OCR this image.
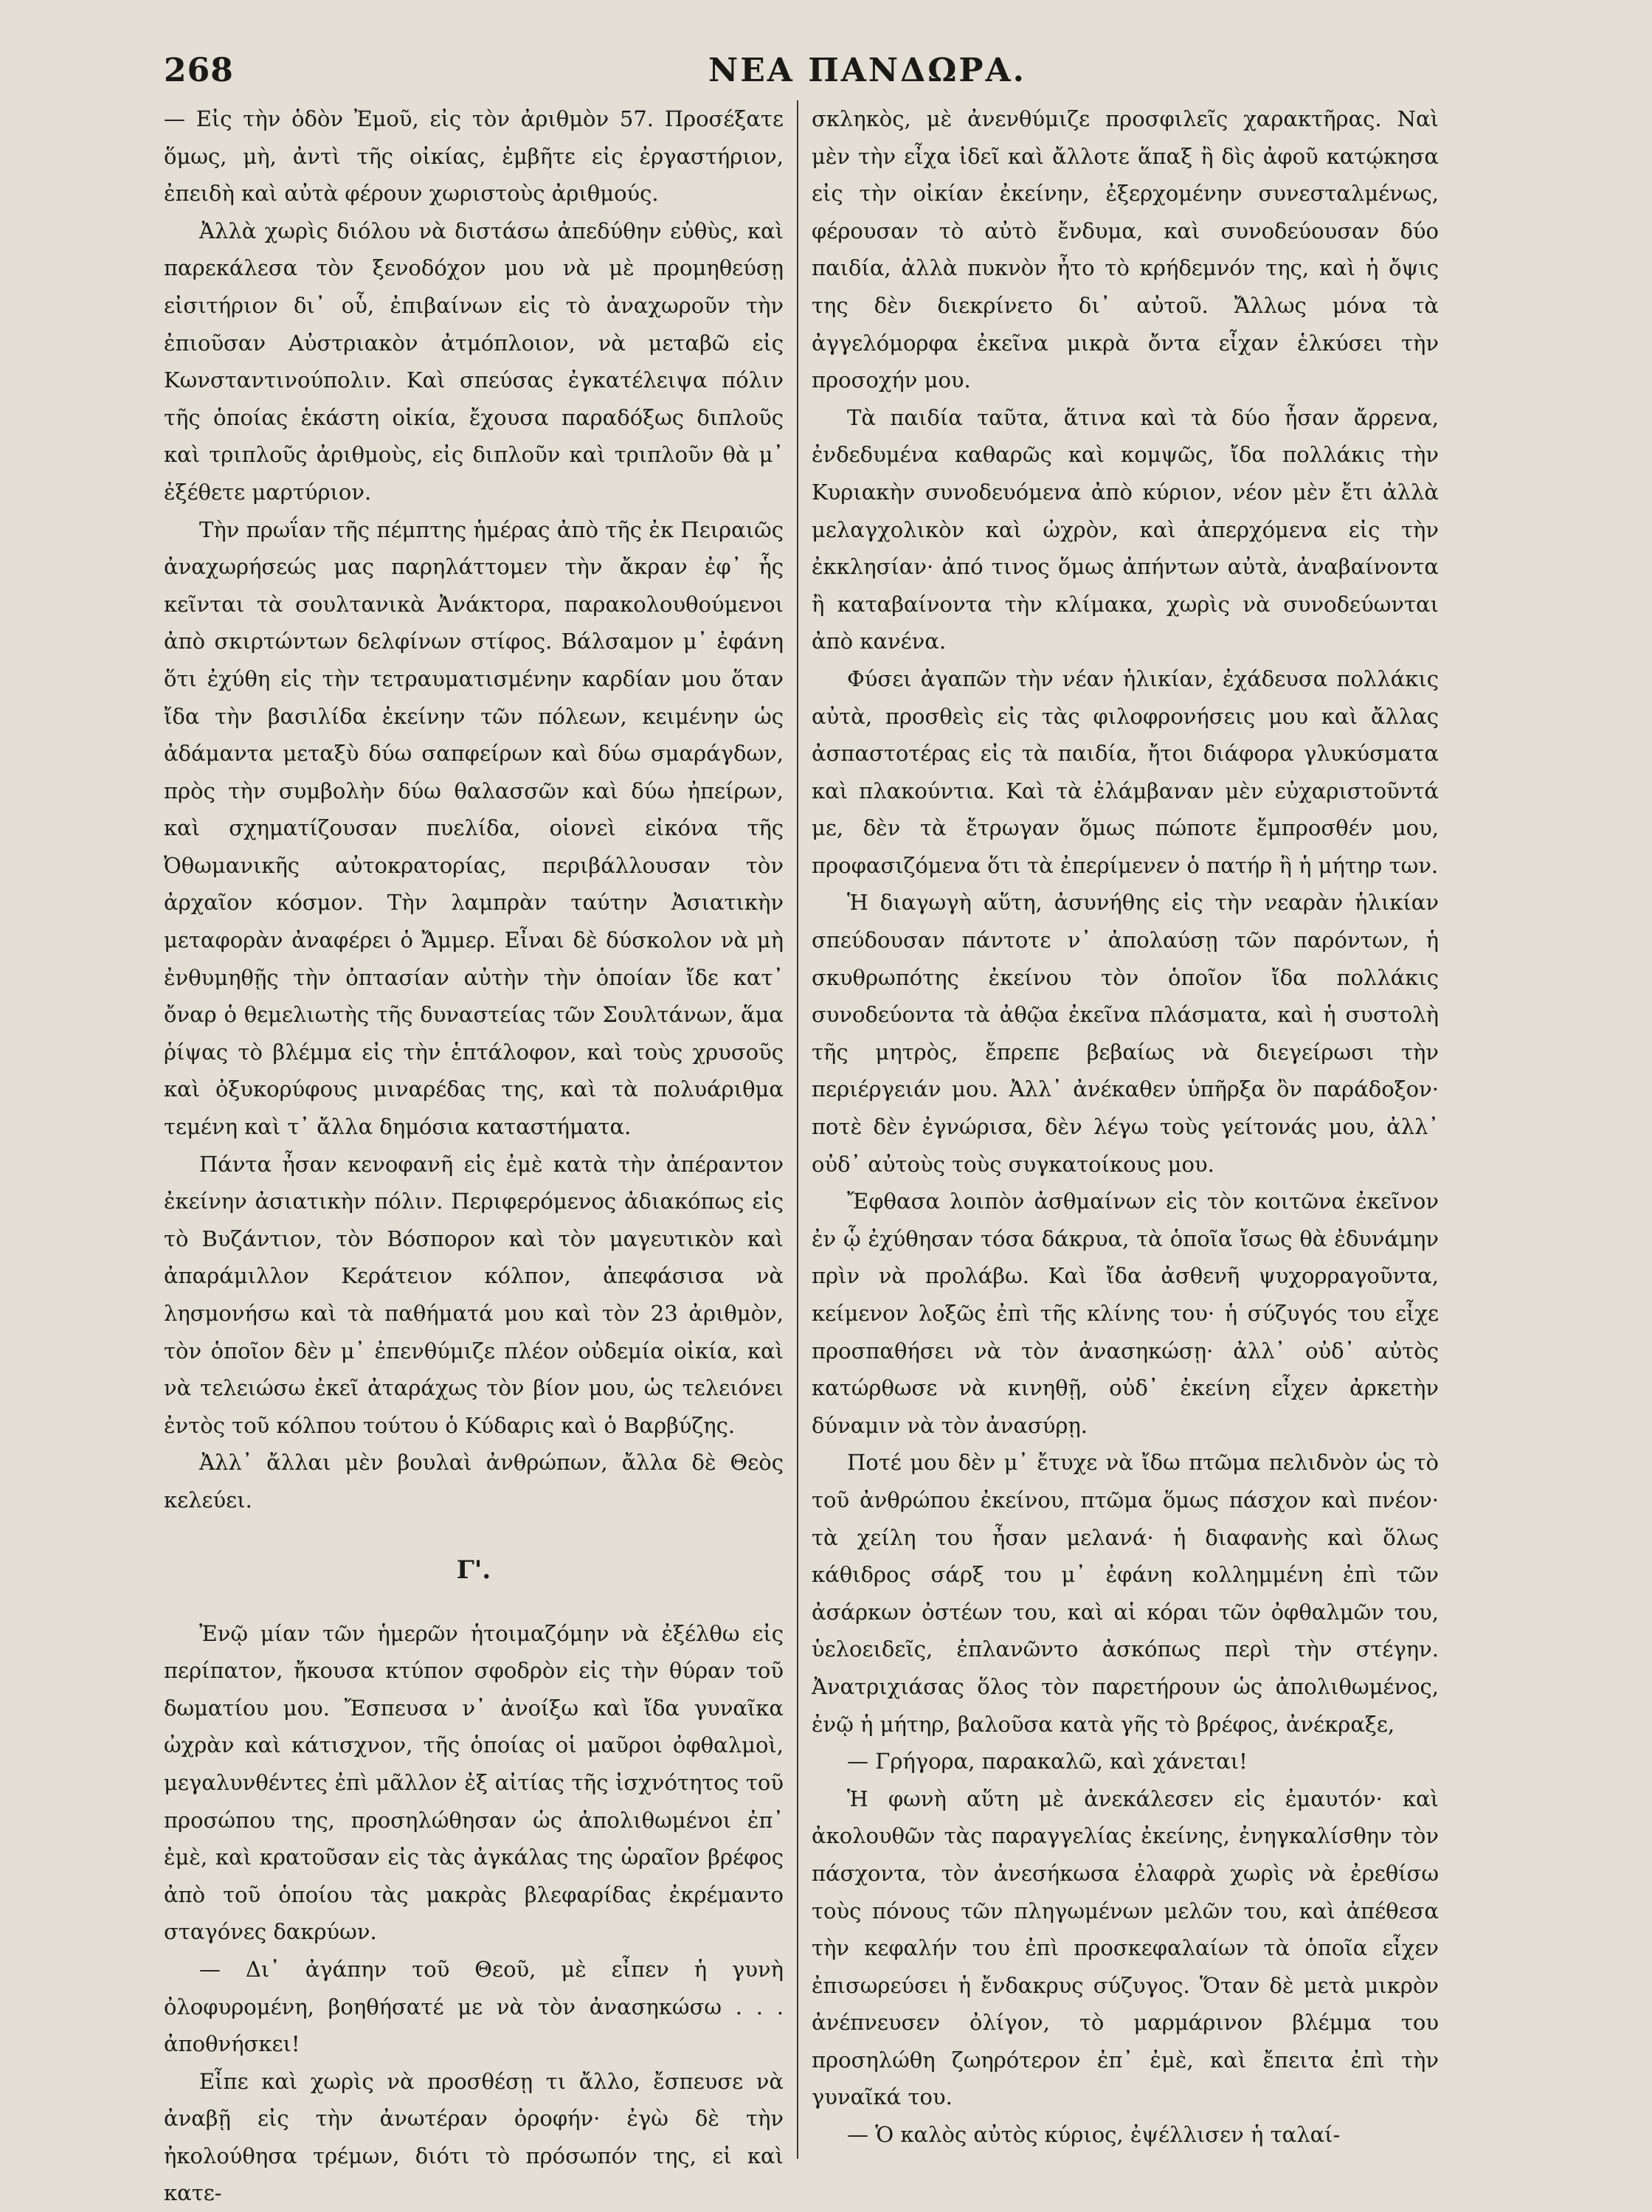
268	ΝΕΑ ΠΑΝΔΩΡΑ.

— Εἰς τὴν ὁδὸν Ἐμοῦ, εἰς τὸν ἀριθμὸν 57. Προσέξατε ὅμως, μὴ, ἀντὶ τῆς οἰκίας, ἐμβῆτε εἰς ἐργαστήριον, ἐπειδὴ καὶ αὐτὰ φέρουν χωριστοὺς ἀριθμούς.

Ἀλλὰ χωρὶς διόλου νὰ διστάσω ἀπεδύθην εὐθὺς, καὶ παρεκάλεσα τὸν ξενοδόχον μου νὰ μὲ προμηθεύσῃ εἰσιτήριον δι᾽ οὗ, ἐπιβαίνων εἰς τὸ ἀναχωροῦν τὴν ἐπιοῦσαν Αὐστριακὸν ἀτμόπλοιον, νὰ μεταβῶ εἰς Κωνσταντινούπολιν. Καὶ σπεύσας ἐγκατέλειψα πόλιν τῆς ὁποίας ἑκάστη οἰκία, ἔχουσα παραδόξως διπλοῦς καὶ τριπλοῦς ἀριθμοὺς, εἰς διπλοῦν καὶ τριπλοῦν θὰ μ᾽ ἐξέθετε μαρτύριον.

Τὴν πρωΐαν τῆς πέμπτης ἡμέρας ἀπὸ τῆς ἐκ Πειραιῶς ἀναχωρήσεώς μας παρηλάττομεν τὴν ἄκραν ἐφ᾽ ἧς κεῖνται τὰ σουλτανικὰ Ἀνάκτορα, παρακολουθούμενοι ἀπὸ σκιρτώντων δελφίνων στίφος. Βάλσαμον μ᾽ ἐφάνη ὅτι ἐχύθη εἰς τὴν τετραυματισμένην καρδίαν μου ὅταν ἴδα τὴν βασιλίδα ἐκείνην τῶν πόλεων, κειμένην ὡς ἀδάμαντα μεταξὺ δύω σαπφείρων καὶ δύω σμαράγδων, πρὸς τὴν συμβολὴν δύω θαλασσῶν καὶ δύω ἠπείρων, καὶ σχηματίζουσαν πυελίδα, οἱονεὶ εἰκόνα τῆς Ὀθωμανικῆς αὐτοκρατορίας, περιβάλλουσαν τὸν ἀρχαῖον κόσμον. Τὴν λαμπρὰν ταύτην Ἀσιατικὴν μεταφορὰν ἀναφέρει ὁ Ἄμμερ. Εἶναι δὲ δύσκολον νὰ μὴ ἐνθυμηθῇς τὴν ὀπτασίαν αὐτὴν τὴν ὁποίαν ἴδε κατ᾽ ὄναρ ὁ θεμελιωτὴς τῆς δυναστείας τῶν Σουλτάνων, ἅμα ῥίψας τὸ βλέμμα εἰς τὴν ἑπτάλοφον, καὶ τοὺς χρυσοῦς καὶ ὀξυκορύφους μιναρέδας της, καὶ τὰ πολυάριθμα τεμένη καὶ τ᾽ ἄλλα δημόσια καταστήματα.

Πάντα ἦσαν κενοφανῆ εἰς ἐμὲ κατὰ τὴν ἀπέραντον ἐκείνην ἀσιατικὴν πόλιν. Περιφερόμενος ἀδιακόπως εἰς τὸ Βυζάντιον, τὸν Βόσπορον καὶ τὸν μαγευτικὸν καὶ ἀπαράμιλλον Κεράτειον κόλπον, ἀπεφάσισα νὰ λησμονήσω καὶ τὰ παθήματά μου καὶ τὸν 23 ἀριθμὸν, τὸν ὁποῖον δὲν μ᾽ ἐπενθύμιζε πλέον οὐδεμία οἰκία, καὶ νὰ τελειώσω ἐκεῖ ἀταράχως τὸν βίον μου, ὡς τελειόνει ἐντὸς τοῦ κόλπου τούτου ὁ Κύδαρις καὶ ὁ Βαρβύζης.

Ἀλλ᾽ ἄλλαι μὲν βουλαὶ ἀνθρώπων, ἄλλα δὲ Θεὸς κελεύει.

Γ'.

Ἐνῷ μίαν τῶν ἡμερῶν ἡτοιμαζόμην νὰ ἐξέλθω εἰς περίπατον, ἤκουσα κτύπον σφοδρὸν εἰς τὴν θύραν τοῦ δωματίου μου. Ἔσπευσα ν᾽ ἀνοίξω καὶ ἴδα γυναῖκα ὠχρὰν καὶ κάτισχνον, τῆς ὁποίας οἱ μαῦροι ὀφθαλμοὶ, μεγαλυνθέντες ἐπὶ μᾶλλον ἐξ αἰτίας τῆς ἰσχνότητος τοῦ προσώπου της, προσηλώθησαν ὡς ἀπολιθωμένοι ἐπ᾽ ἐμὲ, καὶ κρατοῦσαν εἰς τὰς ἀγκάλας της ὡραῖον βρέφος ἀπὸ τοῦ ὁποίου τὰς μακρὰς βλεφαρίδας ἐκρέμαντο σταγόνες δακρύων.

— Δι᾽ ἀγάπην τοῦ Θεοῦ, μὲ εἶπεν ἡ γυνὴ ὀλοφυρομένη, βοηθήσατέ με νὰ τὸν ἀνασηκώσω . . . ἀποθνήσκει!

Εἶπε καὶ χωρὶς νὰ προσθέσῃ τι ἄλλο, ἔσπευσε νὰ ἀναβῇ εἰς τὴν ἀνωτέραν ὀροφήν· ἐγὼ δὲ τὴν ἠκολούθησα τρέμων, διότι τὸ πρόσωπόν της, εἰ καὶ κατε-

σκληκὸς, μὲ ἀνενθύμιζε προσφιλεῖς χαρακτῆρας. Ναὶ μὲν τὴν εἶχα ἰδεῖ καὶ ἄλλοτε ἅπαξ ἢ δὶς ἀφοῦ κατῴκησα εἰς τὴν οἰκίαν ἐκείνην, ἐξερχομένην συνεσταλμένως, φέρουσαν τὸ αὐτὸ ἔνδυμα, καὶ συνοδεύουσαν δύο παιδία, ἀλλὰ πυκνὸν ἦτο τὸ κρήδεμνόν της, καὶ ἡ ὄψις της δὲν διεκρίνετο δι᾽ αὐτοῦ. Ἄλλως μόνα τὰ ἀγγελόμορφα ἐκεῖνα μικρὰ ὄντα εἶχαν ἑλκύσει τὴν προσοχήν μου.

Τὰ παιδία ταῦτα, ἅτινα καὶ τὰ δύο ἦσαν ἄρρενα, ἐνδεδυμένα καθαρῶς καὶ κομψῶς, ἴδα πολλάκις τὴν Κυριακὴν συνοδευόμενα ἀπὸ κύριον, νέον μὲν ἔτι ἀλλὰ μελαγχολικὸν καὶ ὠχρὸν, καὶ ἀπερχόμενα εἰς τὴν ἐκκλησίαν· ἀπό τινος ὅμως ἀπήντων αὐτὰ, ἀναβαίνοντα ἢ καταβαίνοντα τὴν κλίμακα, χωρὶς νὰ συνοδεύωνται ἀπὸ κανένα.

Φύσει ἀγαπῶν τὴν νέαν ἡλικίαν, ἐχάδευσα πολλάκις αὐτὰ, προσθεὶς εἰς τὰς φιλοφρονήσεις μου καὶ ἄλλας ἀσπαστοτέρας εἰς τὰ παιδία, ἤτοι διάφορα γλυκύσματα καὶ πλακούντια. Καὶ τὰ ἐλάμβαναν μὲν εὐχαριστοῦντά με, δὲν τὰ ἔτρωγαν ὅμως πώποτε ἔμπροσθέν μου, προφασιζόμενα ὅτι τὰ ἐπερίμενεν ὁ πατήρ ἢ ἡ μήτηρ των.

Ἡ διαγωγὴ αὕτη, ἀσυνήθης εἰς τὴν νεαρὰν ἡλικίαν σπεύδουσαν πάντοτε ν᾽ ἀπολαύσῃ τῶν παρόντων, ἡ σκυθρωπότης ἐκείνου τὸν ὁποῖον ἴδα πολλάκις συνοδεύοντα τὰ ἀθῷα ἐκεῖνα πλάσματα, καὶ ἡ συστολὴ τῆς μητρὸς, ἔπρεπε βεβαίως νὰ διεγείρωσι τὴν περιέργειάν μου. Ἀλλ᾽ ἀνέκαθεν ὑπῆρξα ὂν παράδοξον· ποτὲ δὲν ἐγνώρισα, δὲν λέγω τοὺς γείτονάς μου, ἀλλ᾽ οὐδ᾽ αὐτοὺς τοὺς συγκατοίκους μου.

Ἔφθασα λοιπὸν ἀσθμαίνων εἰς τὸν κοιτῶνα ἐκεῖνον ἐν ᾧ ἐχύθησαν τόσα δάκρυα, τὰ ὁποῖα ἴσως θὰ ἐδυνάμην πρὶν νὰ προλάβω. Καὶ ἴδα ἀσθενῆ ψυχορραγοῦντα, κείμενον λοξῶς ἐπὶ τῆς κλίνης του· ἡ σύζυγός του εἶχε προσπαθήσει νὰ τὸν ἀνασηκώσῃ· ἀλλ᾽ οὐδ᾽ αὐτὸς κατώρθωσε νὰ κινηθῇ, οὐδ᾽ ἐκείνη εἶχεν ἀρκετὴν δύναμιν νὰ τὸν ἀνασύρῃ.

Ποτέ μου δὲν μ᾽ ἔτυχε νὰ ἴδω πτῶμα πελιδνὸν ὡς τὸ τοῦ ἀνθρώπου ἐκείνου, πτῶμα ὅμως πάσχον καὶ πνέον· τὰ χείλη του ἦσαν μελανά· ἡ διαφανὴς καὶ ὅλως κάθιδρος σάρξ του μ᾽ ἐφάνη κολλημμένη ἐπὶ τῶν ἀσάρκων ὀστέων του, καὶ αἱ κόραι τῶν ὀφθαλμῶν του, ὑελοειδεῖς, ἐπλανῶντο ἀσκόπως περὶ τὴν στέγην. Ἀνατριχιάσας ὅλος τὸν παρετήρουν ὡς ἀπολιθωμένος, ἐνῷ ἡ μήτηρ, βαλοῦσα κατὰ γῆς τὸ βρέφος, ἀνέκραξε,

— Γρήγορα, παρακαλῶ, καὶ χάνεται!

Ἡ φωνὴ αὕτη μὲ ἀνεκάλεσεν εἰς ἐμαυτόν· καὶ ἀκολουθῶν τὰς παραγγελίας ἐκείνης, ἐνηγκαλίσθην τὸν πάσχοντα, τὸν ἀνεσήκωσα ἐλαφρὰ χωρὶς νὰ ἐρεθίσω τοὺς πόνους τῶν πληγωμένων μελῶν του, καὶ ἀπέθεσα τὴν κεφαλήν του ἐπὶ προσκεφαλαίων τὰ ὁποῖα εἶχεν ἐπισωρεύσει ἡ ἔνδακρυς σύζυγος. Ὅταν δὲ μετὰ μικρὸν ἀνέπνευσεν ὀλίγον, τὸ μαρμάρινον βλέμμα του προσηλώθη ζωηρότερον ἐπ᾽ ἐμὲ, καὶ ἔπειτα ἐπὶ τὴν γυναῖκά του.

— Ὁ καλὸς αὐτὸς κύριος, ἐψέλλισεν ἡ ταλαί-
